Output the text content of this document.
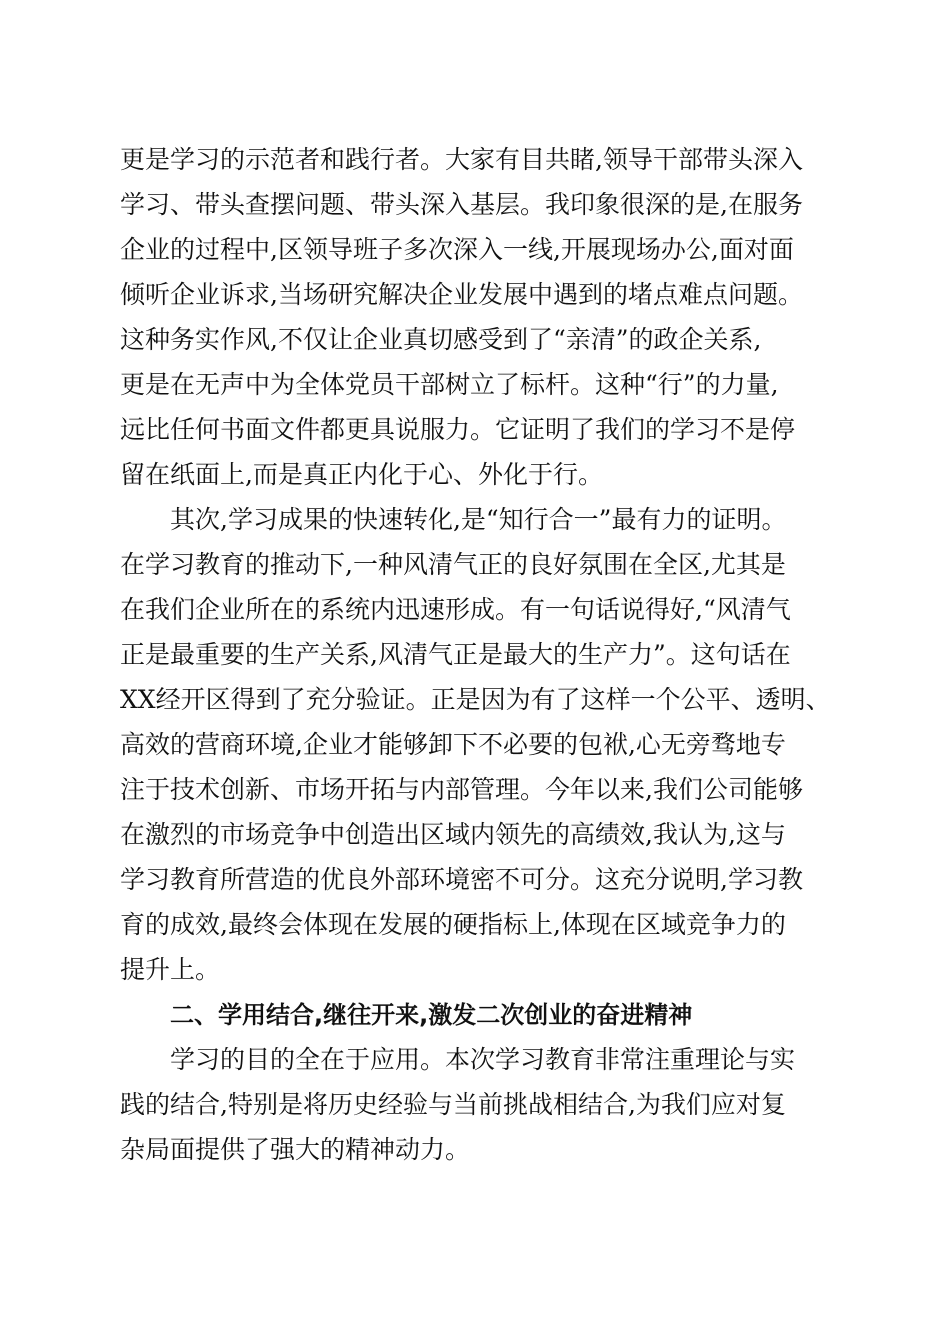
更是学习的示范者和践行者。大家有目共睹,领导干部带头深入
学习、带头查摆问题、带头深入基层。我印象很深的是,在服务
企业的过程中,区领导班子多次深入一线,开展现场办公,面对面
倾听企业诉求,当场研究解决企业发展中遇到的堵点难点问题。
这种务实作风,不仅让企业真切感受到了“亲清”的政企关系,
更是在无声中为全体党员干部树立了标杆。这种“行”的力量,
远比任何书面文件都更具说服力。它证明了我们的学习不是停
留在纸面上,而是真正内化于心、外化于行。
其次,学习成果的快速转化,是“知行合一”最有力的证明。
在学习教育的推动下,一种风清气正的良好氛围在全区,尤其是
在我们企业所在的系统内迅速形成。有一句话说得好,“风清气
正是最重要的生产关系,风清气正是最大的生产力”。这句话在
XX经开区得到了充分验证。正是因为有了这样一个公平、透明、
高效的营商环境,企业才能够卸下不必要的包袱,心无旁骛地专
注于技术创新、市场开拓与内部管理。今年以来,我们公司能够
在激烈的市场竞争中创造出区域内领先的高绩效,我认为,这与
学习教育所营造的优良外部环境密不可分。这充分说明,学习教
育的成效,最终会体现在发展的硬指标上,体现在区域竞争力的
提升上。
二、学用结合,继往开来,激发二次创业的奋进精神
学习的目的全在于应用。本次学习教育非常注重理论与实
践的结合,特别是将历史经验与当前挑战相结合,为我们应对复
杂局面提供了强大的精神动力。
